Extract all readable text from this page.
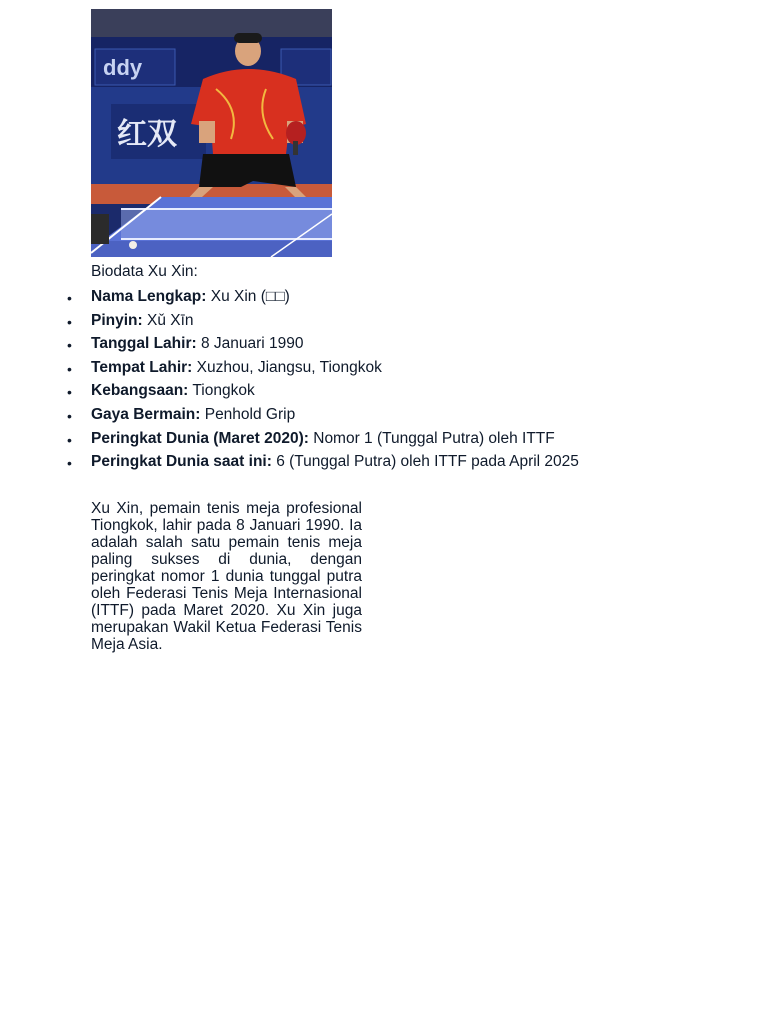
ddy
红双

Biodata Xu Xin:

• Nama Lengkap: Xu Xin (□□)
• Pinyin: Xǔ Xīn
• Tanggal Lahir: 8 Januari 1990
• Tempat Lahir: Xuzhou, Jiangsu, Tiongkok
• Kebangsaan: Tiongkok
• Gaya Bermain: Penhold Grip
• Peringkat Dunia (Maret 2020): Nomor 1 (Tunggal Putra) oleh ITTF
• Peringkat Dunia saat ini: 6 (Tunggal Putra) oleh ITTF pada April 2025

Xu Xin, pemain tenis meja profesional Tiongkok, lahir pada 8 Januari 1990. Ia adalah salah satu pemain tenis meja paling sukses di dunia, dengan peringkat nomor 1 dunia tunggal putra oleh Federasi Tenis Meja Internasional (ITTF) pada Maret 2020. Xu Xin juga merupakan Wakil Ketua Federasi Tenis Meja Asia.
